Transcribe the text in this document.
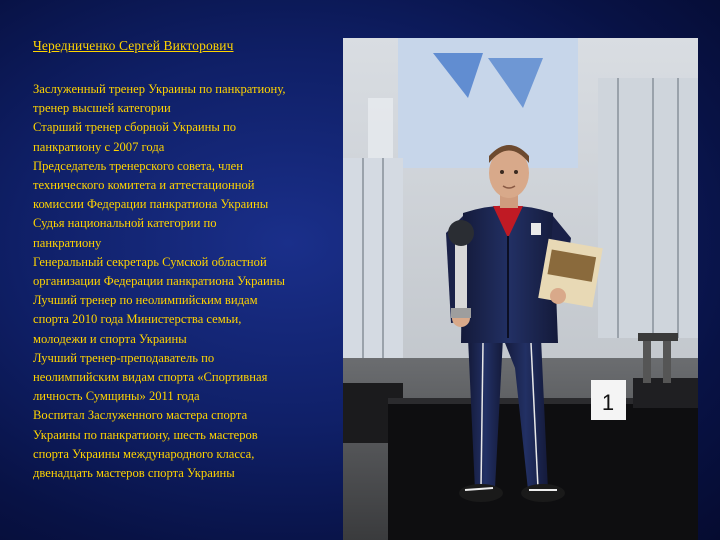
Чередниченко Сергей Викторович
Заслуженный тренер Украины по панкратиону,
тренер высшей категории
Старший тренер сборной Украины по
панкратиону с 2007 года
Председатель тренерского совета, член
технического комитета и аттестационной
комиссии Федерации панкратиона Украины
Судья национальной категории по
панкратиону
Генеральный секретарь Сумской областной
организации Федерации панкратиона Украины
Лучший тренер по неолимпийским видам
спорта 2010 года Министерства семьи,
молодежи и спорта Украины
Лучший тренер-преподаватель по
неолимпийским видам спорта «Спортивная
личность Сумщины» 2011 года
Воспитал Заслуженного мастера спорта
Украины по панкратиону, шесть мастеров
спорта Украины международного класса,
двенадцать мастеров спорта Украины
1
